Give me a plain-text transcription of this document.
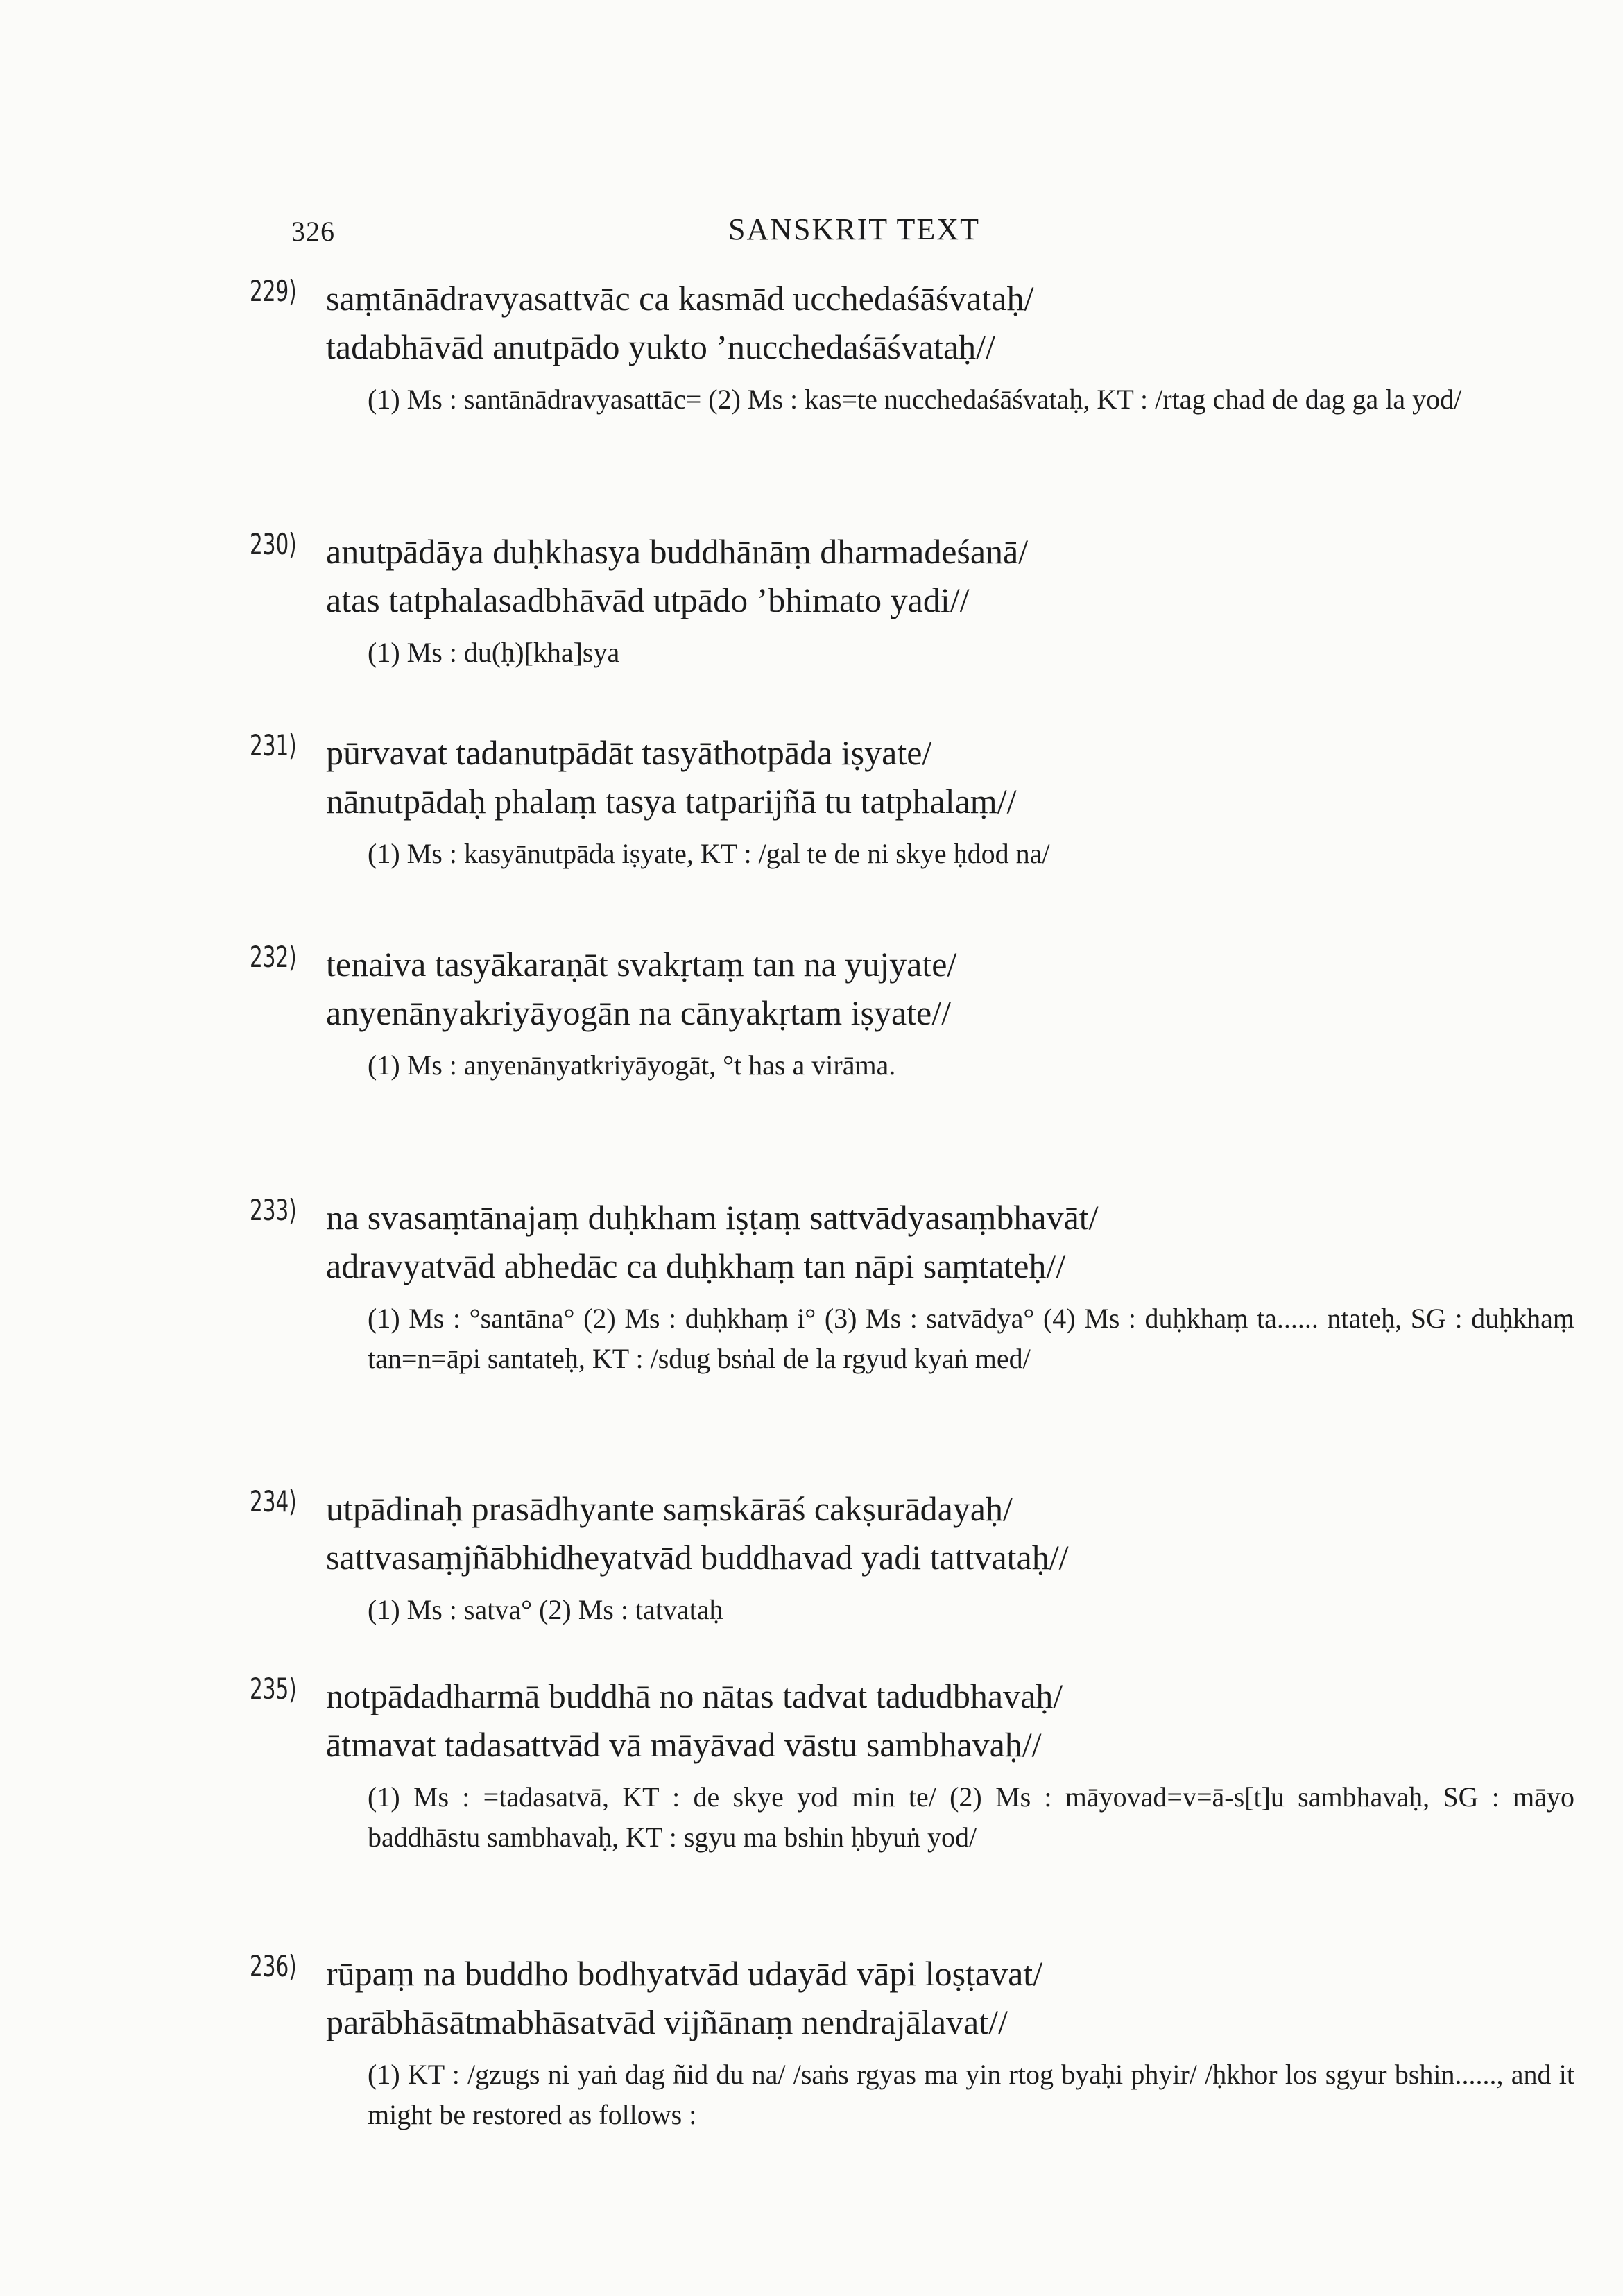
326	SANSKRIT TEXT
229) saṃtānādravyasattvāc ca kasmād ucchedaśāśvataḥ/
tadabhāvād anutpādo yukto ’nucchedaśāśvataḥ//
(1) Ms : santānādravyasattāc= (2) Ms : kas=te nucchedaśāśvataḥ, KT : /rtag chad de dag ga la yod/
230) anutpādāya duḥkhasya buddhānāṃ dharmadeśanā/
atas tatphalasadbhāvād utpādo ’bhimato yadi//
(1) Ms : du(ḥ)[kha]sya
231) pūrvavat tadanutpādāt tasyāthotpāda iṣyate/
nānutpādaḥ phalaṃ tasya tatparijñā tu tatphalaṃ//
(1) Ms : kasyānutpāda iṣyate, KT : /gal te de ni skye ḥdod na/
232) tenaiva tasyākaraṇāt svakṛtaṃ tan na yujyate/
anyenānyakriyāyogān na cānyakṛtam iṣyate//
(1) Ms : anyenānyatkriyāyogāt, °t has a virāma.
233) na svasaṃtānajaṃ duḥkham iṣṭaṃ sattvādyasaṃbhavāt/
adravyatvād abhedāc ca duḥkhaṃ tan nāpi saṃtateḥ//
(1) Ms : °santāna° (2) Ms : duḥkhaṃ i° (3) Ms : satvādya° (4) Ms : duḥkhaṃ ta...... ntateḥ, SG : duḥkhaṃ tan=n=āpi santateḥ, KT : /sdug bsṅal de la rgyud kyaṅ med/
234) utpādinaḥ prasādhyante saṃskārāś cakṣurādayaḥ/
sattvasaṃjñābhidheyatvād buddhavad yadi tattvataḥ//
(1) Ms : satva° (2) Ms : tatvataḥ
235) notpādadharmā buddhā no nātas tadvat tadudbhavaḥ/
ātmavat tadasattvād vā māyāvad vāstu sambhavaḥ//
(1) Ms : =tadasatvā, KT : de skye yod min te/ (2) Ms : māyovad=v=ā-s[t]u sambhavaḥ, SG : māyo baddhāstu sambhavaḥ, KT : sgyu ma bshin ḥbyuṅ yod/
236) rūpaṃ na buddho bodhyatvād udayād vāpi loṣṭavat/
parābhāsātmabhāsatvād vijñānaṃ nendrajālavat//
(1) KT : /gzugs ni yaṅ dag ñid du na/ /saṅs rgyas ma yin rtog byaḥi phyir/ /ḥkhor los sgyur bshin......, and it might be restored as follows :
